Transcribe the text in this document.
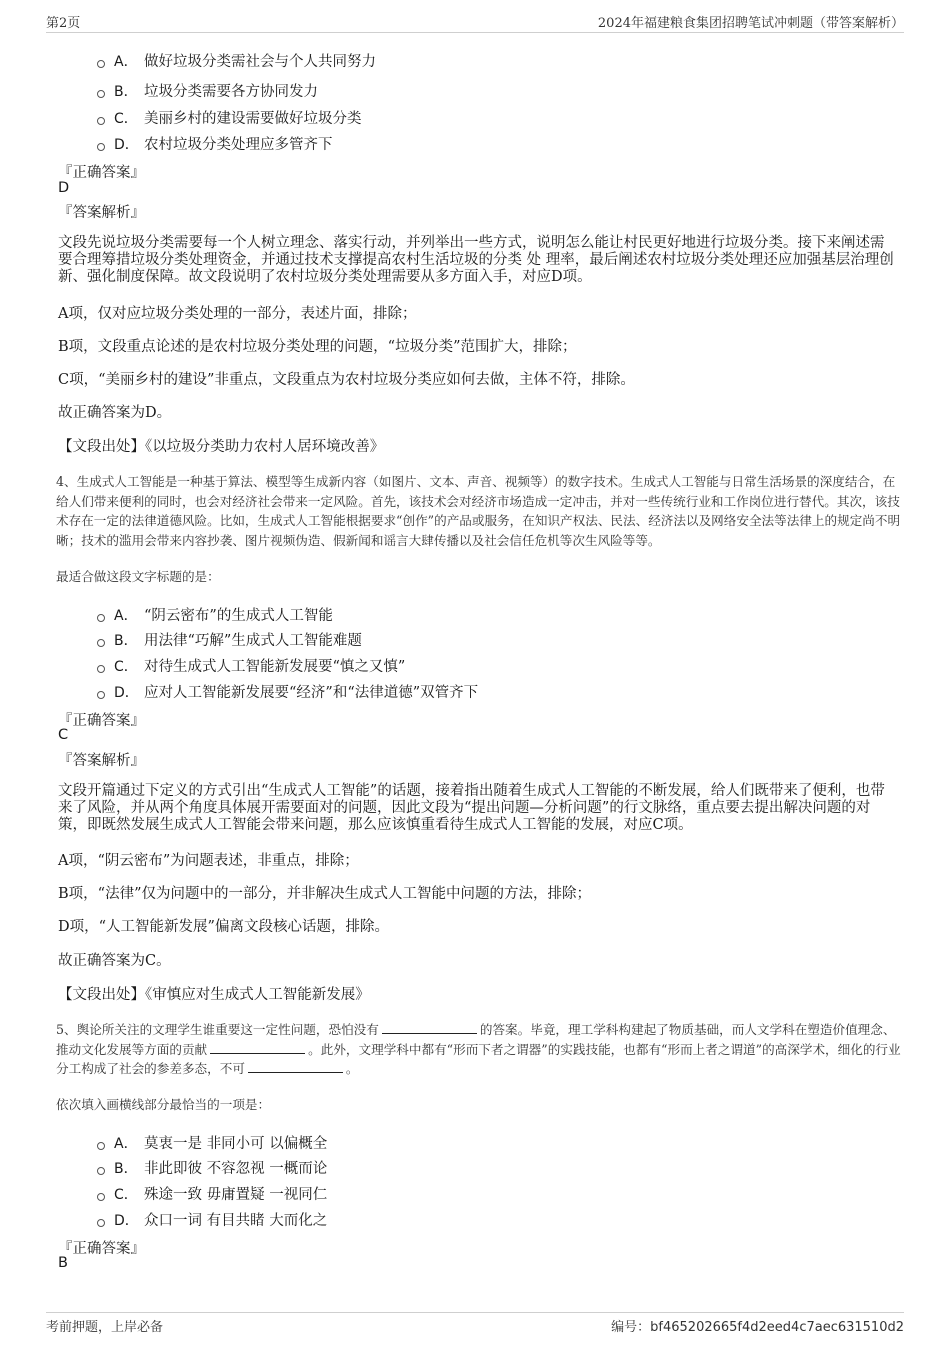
第2页	2024年福建粮食集团招聘笔试冲刺题（带答案解析）
A． 做好垃圾分类需社会与个人共同努力
B． 垃圾分类需要各方协同发力
C． 美丽乡村的建设需要做好垃圾分类
D． 农村垃圾分类处理应多管齐下
『正确答案』
D
『答案解析』
文段先说垃圾分类需要每一个人树立理念、落实行动，并列举出一些方式，说明怎么能让村民更好地进行垃圾分类。接下来阐述需要合理筹措垃圾分类处理资金，并通过技术支撑提高农村生活垃圾的分类 处 理率，最后阐述农村垃圾分类处理还应加强基层治理创新、强化制度保障。故文段说明了农村垃圾分类处理需要从多方面入手，对应D项。
A项，仅对应垃圾分类处理的一部分，表述片面，排除；
B项，文段重点论述的是农村垃圾分类处理的问题，“垃圾分类”范围扩大，排除；
C项，“美丽乡村的建设”非重点，文段重点为农村垃圾分类应如何去做，主体不符，排除。
故正确答案为D。
【文段出处】《以垃圾分类助力农村人居环境改善》
4、生成式人工智能是一种基于算法、模型等生成新内容（如图片、文本、声音、视频等）的数字技术。生成式人工智能与日常生活场景的深度结合，在给人们带来便利的同时，也会对经济社会带来一定风险。首先，该技术会对经济市场造成一定冲击，并对一些传统行业和工作岗位进行替代。其次，该技术存在一定的法律道德风险。比如，生成式人工智能根据要求“创作”的产品或服务，在知识产权法、民法、经济法以及网络安全法等法律上的规定尚不明晰；技术的滥用会带来内容抄袭、图片视频伪造、假新闻和谣言大肆传播以及社会信任危机等次生风险等等。
最适合做这段文字标题的是：
A． “阴云密布”的生成式人工智能
B． 用法律“巧解”生成式人工智能难题
C． 对待生成式人工智能新发展要“慎之又慎”
D． 应对人工智能新发展要“经济”和“法律道德”双管齐下
『正确答案』
C
『答案解析』
文段开篇通过下定义的方式引出“生成式人工智能”的话题，接着指出随着生成式人工智能的不断发展，给人们既带来了便利，也带来了风险，并从两个角度具体展开需要面对的问题，因此文段为“提出问题—分析问题”的行文脉络，重点要去提出解决问题的对策，即既然发展生成式人工智能会带来问题，那么应该慎重看待生成式人工智能的发展，对应C项。
A项，“阴云密布”为问题表述，非重点，排除；
B项，“法律”仅为问题中的一部分，并非解决生成式人工智能中问题的方法，排除；
D项，“人工智能新发展”偏离文段核心话题，排除。
故正确答案为C。
【文段出处】《审慎应对生成式人工智能新发展》
5、舆论所关注的文理学生谁重要这一定性问题，恐怕没有	的答案。毕竟，理工学科构建起了物质基础，而人文学科在塑造价值理念、推动文化发展等方面的贡献	。此外，文理学科中都有“形而下者之谓器”的实践技能，也都有“形而上者之谓道”的高深学术，细化的行业分工构成了社会的参差多态，不可	。
依次填入画横线部分最恰当的一项是：
A． 莫衷一是 非同小可 以偏概全
B． 非此即彼 不容忽视 一概而论
C． 殊途一致 毋庸置疑 一视同仁
D． 众口一词 有目共睹 大而化之
『正确答案』
B
考前押题，上岸必备	编号：bf465202665f4d2eed4c7aec631510d2
